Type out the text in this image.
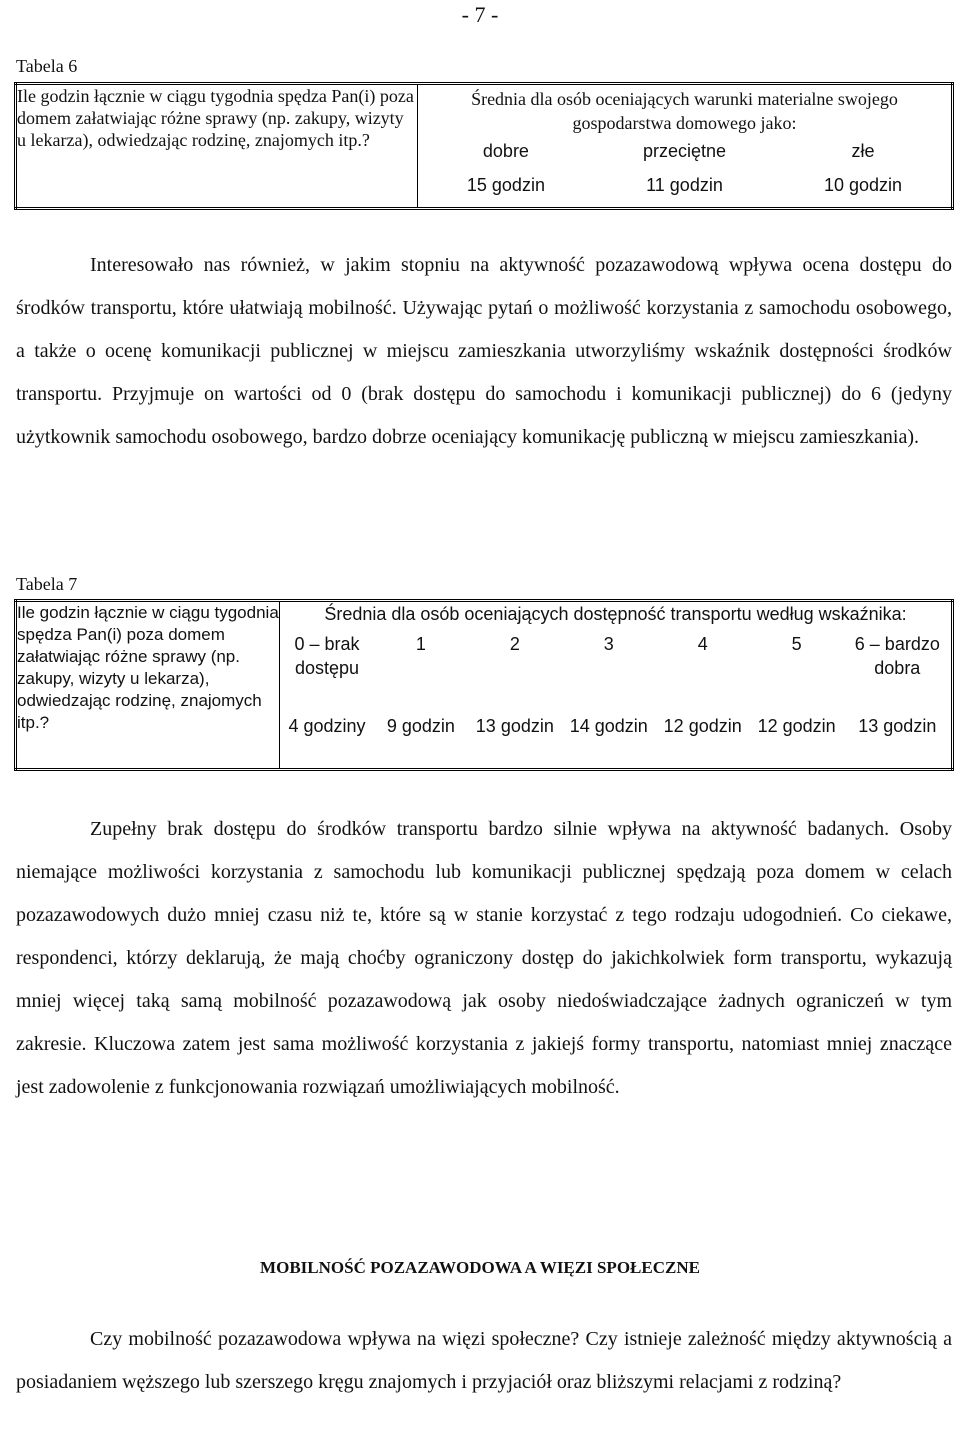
- 7 -
Tabela 6
Ile godzin łącznie w ciągu tygodnia spędza Pan(i) poza domem załatwiając różne sprawy (np. zakupy, wizyty u lekarza), odwiedzając rodzinę, znajomych itp.?	
Średnia dla osób oceniających warunki materialne swojego gospodarstwa domowego jako:
dobre	przeciętne	złe
15 godzin	11 godzin	10 godzin

Interesowało nas również, w jakim stopniu na aktywność pozazawodową wpływa ocena dostępu do środków transportu, które ułatwiają mobilność. Używając pytań o możliwość korzystania z samochodu osobowego, a także o ocenę komunikacji publicznej w miejscu zamieszkania utworzyliśmy wskaźnik dostępności środków transportu. Przyjmuje on wartości od 0 (brak dostępu do samochodu i komunikacji publicznej) do 6 (jedyny użytkownik samochodu osobowego, bardzo dobrze oceniający komunikację publiczną w miejscu zamieszkania).

Tabela 7
Ile godzin łącznie w ciągu tygodnia spędza Pan(i) poza domem załatwiając różne sprawy (np. zakupy, wizyty u lekarza), odwiedzając rodzinę, znajomych itp.?	
Średnia dla osób oceniających dostępność transportu według wskaźnika:
0 – brak dostępu	1	2	3	4	5	6 – bardzo dobra
4 godziny	9 godzin	13 godzin	14 godzin	12 godzin	12 godzin	13 godzin

Zupełny brak dostępu do środków transportu bardzo silnie wpływa na aktywność badanych. Osoby niemające możliwości korzystania z samochodu lub komunikacji publicznej spędzają poza domem w celach pozazawodowych dużo mniej czasu niż te, które są w stanie korzystać z tego rodzaju udogodnień. Co ciekawe, respondenci, którzy deklarują, że mają choćby ograniczony dostęp do jakichkolwiek form transportu, wykazują mniej więcej taką samą mobilność pozazawodową jak osoby niedoświadczające żadnych ograniczeń w tym zakresie. Kluczowa zatem jest sama możliwość korzystania z jakiejś formy transportu, natomiast mniej znaczące jest zadowolenie z funkcjonowania rozwiązań umożliwiających mobilność.

MOBILNOŚĆ POZAZAWODOWA A WIĘZI SPOŁECZNE

Czy mobilność pozazawodowa wpływa na więzi społeczne? Czy istnieje zależność między aktywnością a posiadaniem węższego lub szerszego kręgu znajomych i przyjaciół oraz bliższymi relacjami z rodziną?
